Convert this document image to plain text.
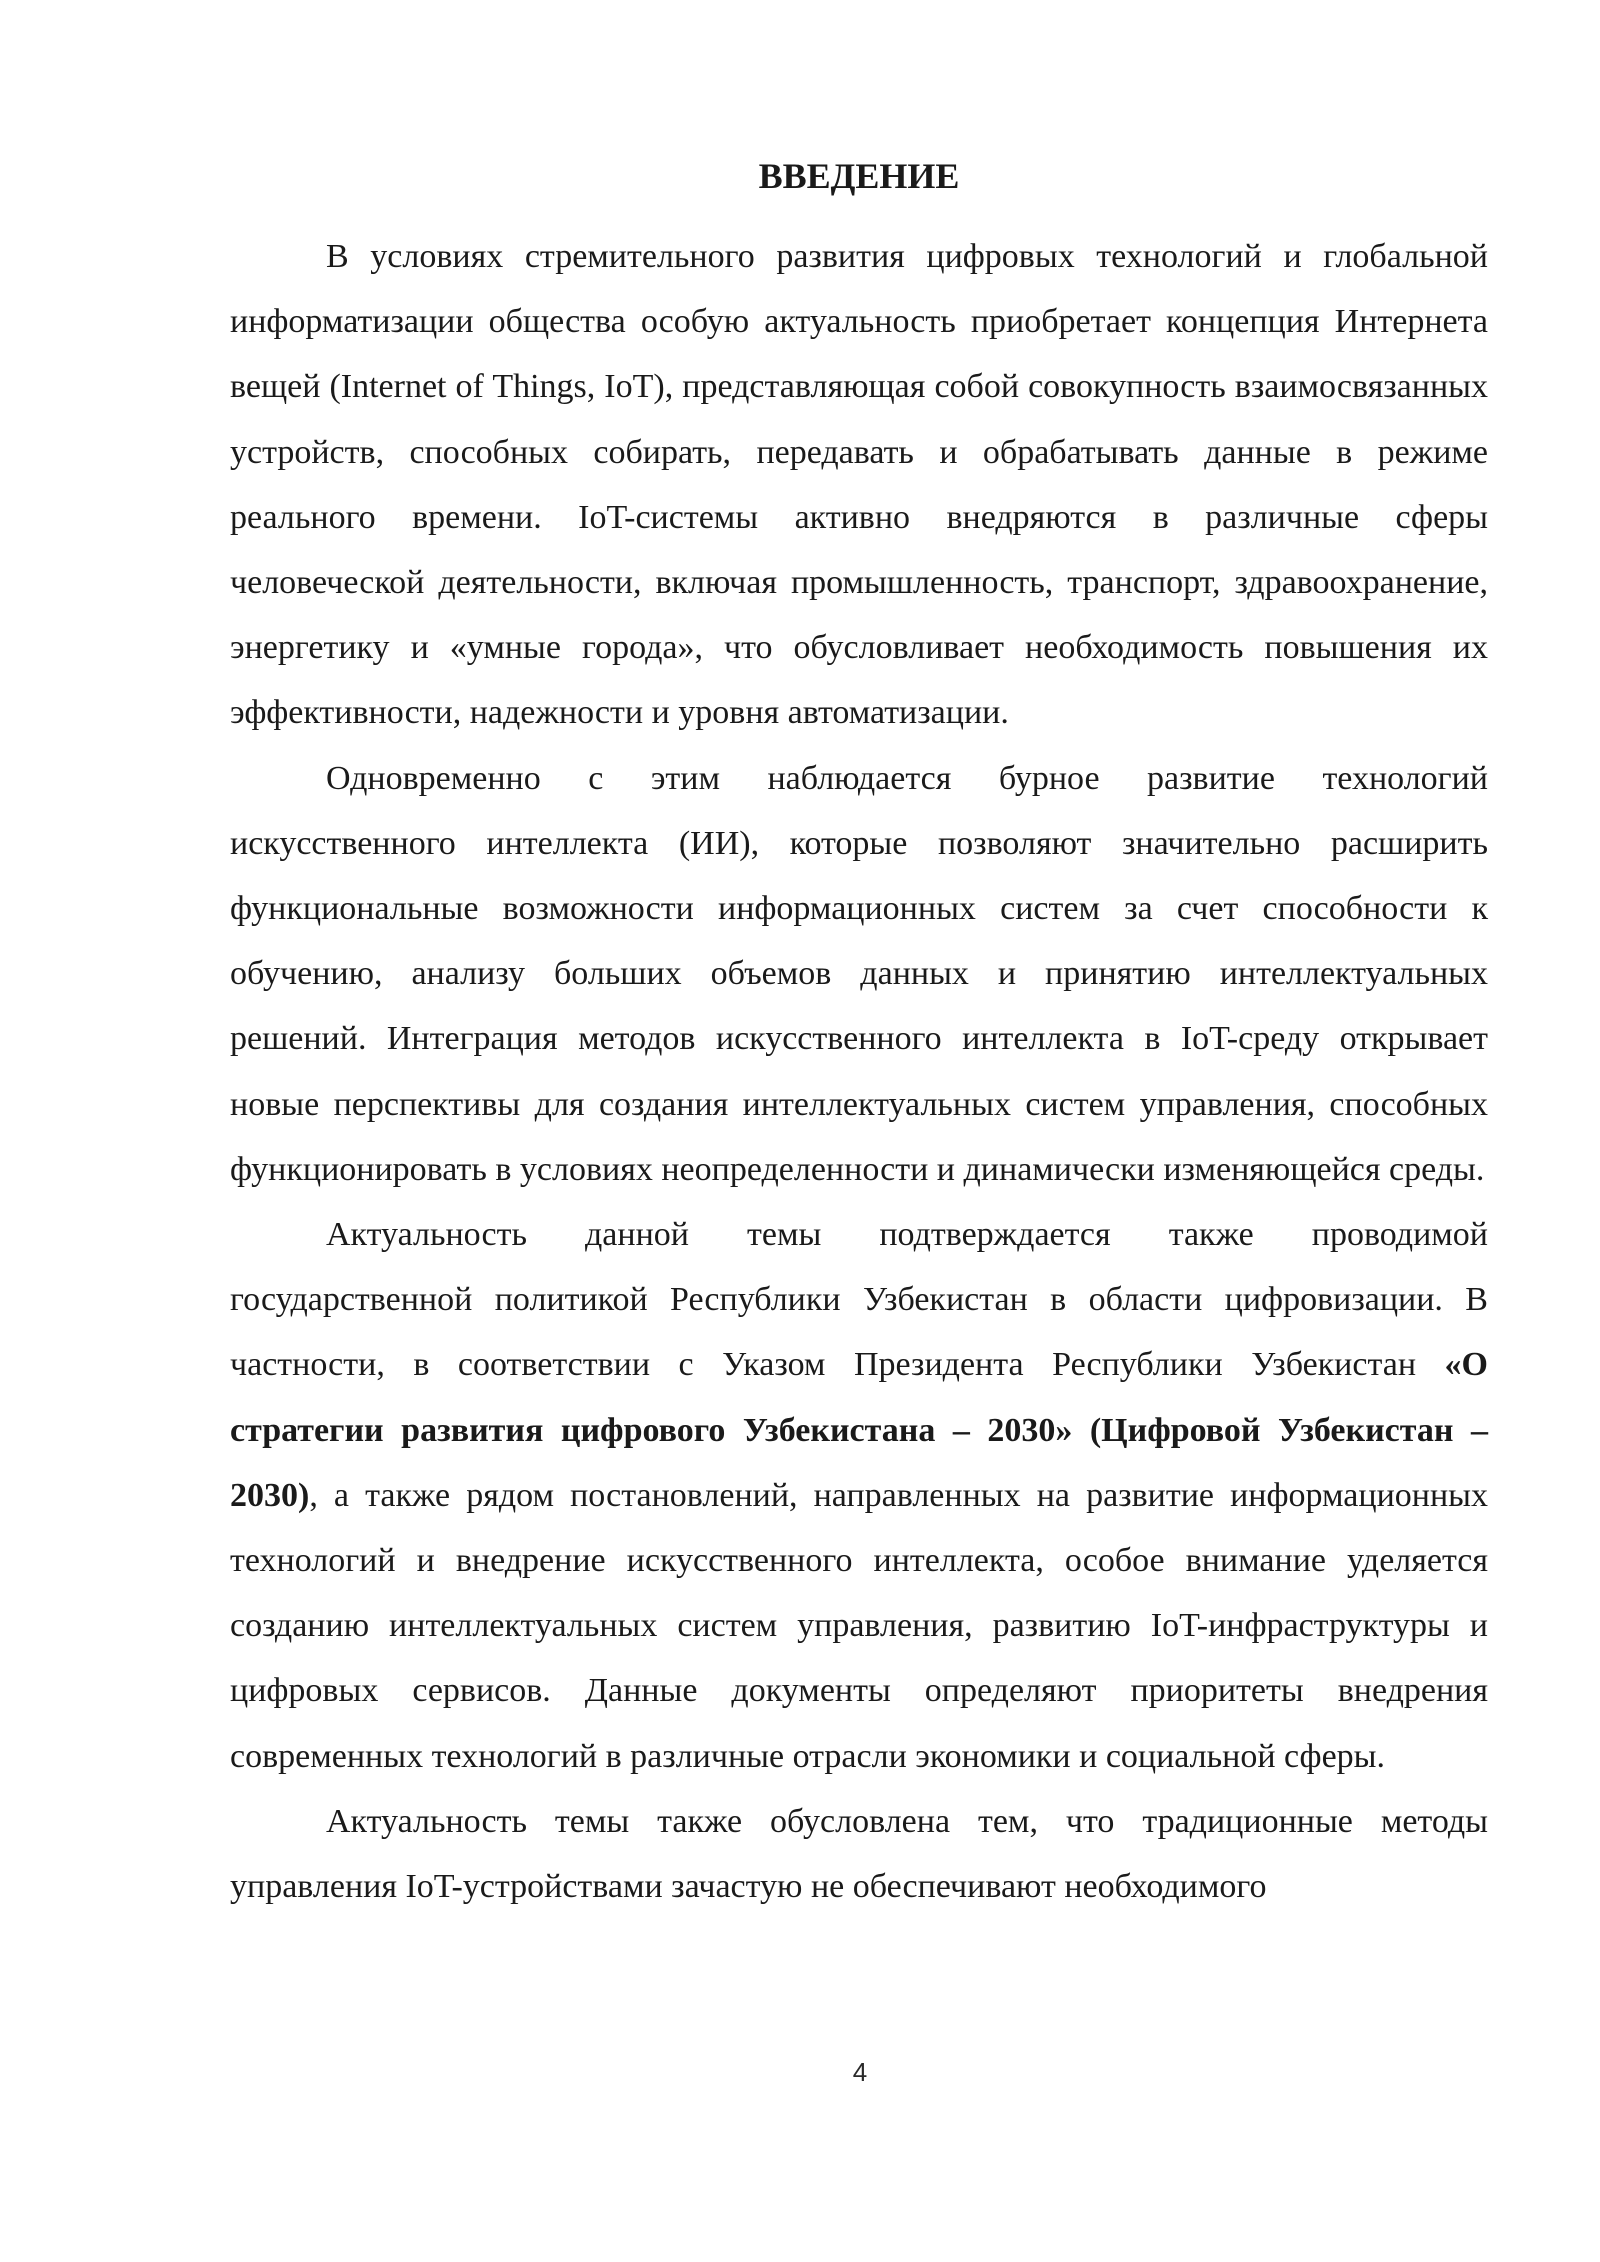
ВВЕДЕНИЕ

В условиях стремительного развития цифровых технологий и глобальной информатизации общества особую актуальность приобретает концепция Интернета вещей (Internet of Things, IoT), представляющая собой совокупность взаимосвязанных устройств, способных собирать, передавать и обрабатывать данные в режиме реального времени. IoT-системы активно внедряются в различные сферы человеческой деятельности, включая промышленность, транспорт, здравоохранение, энергетику и «умные города», что обусловливает необходимость повышения их эффективности, надежности и уровня автоматизации.

Одновременно с этим наблюдается бурное развитие технологий искусственного интеллекта (ИИ), которые позволяют значительно расширить функциональные возможности информационных систем за счет способности к обучению, анализу больших объемов данных и принятию интеллектуальных решений. Интеграция методов искусственного интеллекта в IoT-среду открывает новые перспективы для создания интеллектуальных систем управления, способных функционировать в условиях неопределенности и динамически изменяющейся среды.

Актуальность данной темы подтверждается также проводимой государственной политикой Республики Узбекистан в области цифровизации. В частности, в соответствии с Указом Президента Республики Узбекистан «О стратегии развития цифрового Узбекистана – 2030» (Цифровой Узбекистан – 2030), а также рядом постановлений, направленных на развитие информационных технологий и внедрение искусственного интеллекта, особое внимание уделяется созданию интеллектуальных систем управления, развитию IoT-инфраструктуры и цифровых сервисов. Данные документы определяют приоритеты внедрения современных технологий в различные отрасли экономики и социальной сферы.

Актуальность темы также обусловлена тем, что традиционные методы управления IoT-устройствами зачастую не обеспечивают необходимого

4
